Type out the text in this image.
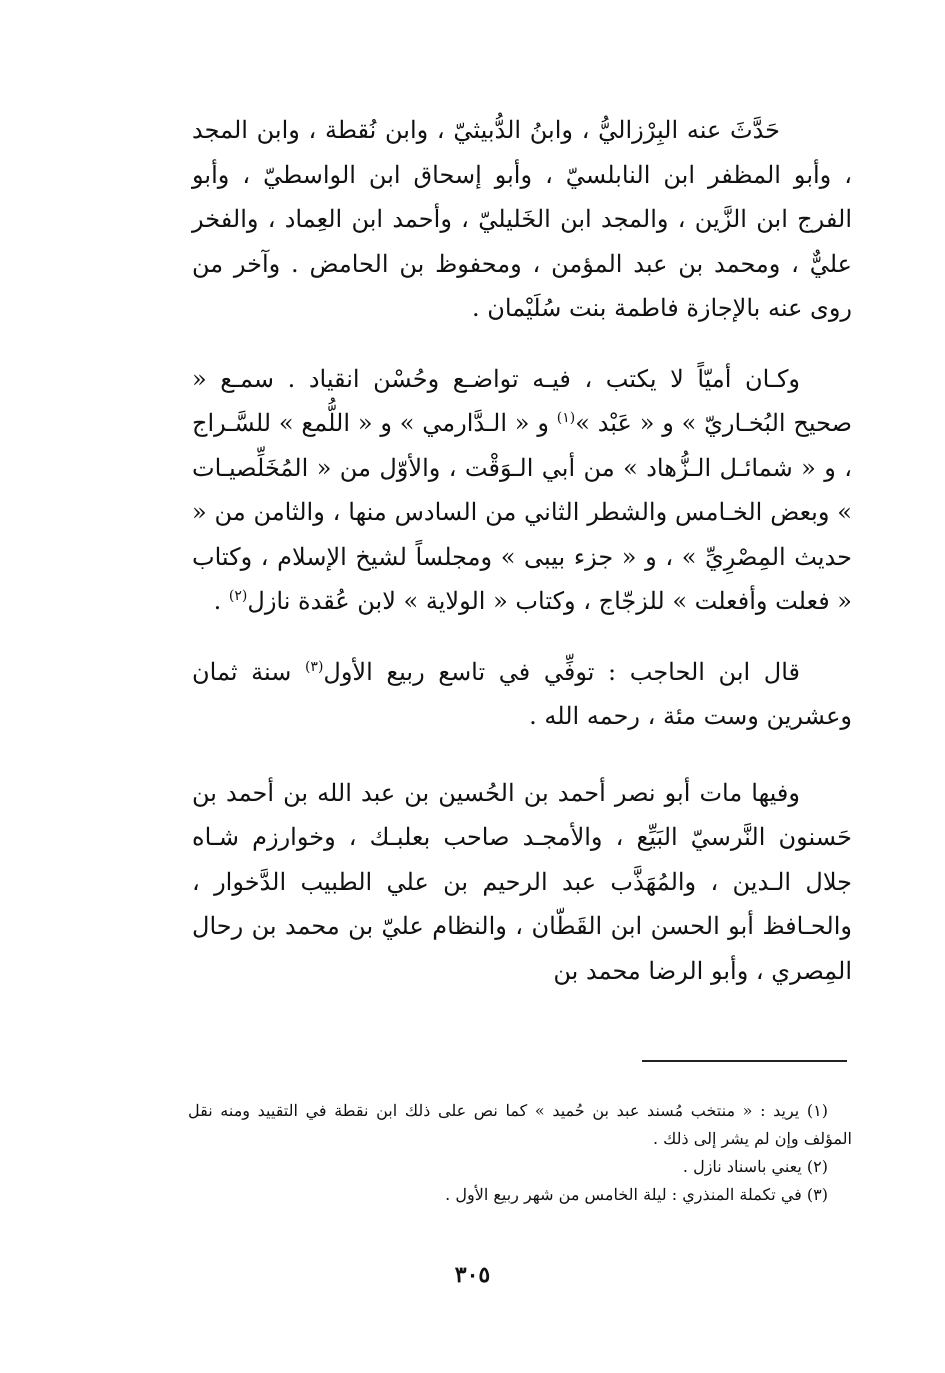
حَدَّثَ عنه البِرْزاليُّ ، وابنُ الدُّبيثيّ ، وابن نُقطة ، وابن المجد ، وأبو المظفر ابن النابلسيّ ، وأبو إسحاق ابن الواسطيّ ، وأبو الفرج ابن الزَّين ، والمجد ابن الخَليليّ ، وأحمد ابن العِماد ، والفخر عليٌّ ، ومحمد بن عبد المؤمن ، ومحفوظ بن الحامض . وآخر من روى عنه بالإجازة فاطمة بنت سُلَيْمان .

وكـان أميّاً لا يكتب ، فيـه تواضـع وحُسْن انقياد . سمـع « صحيح البُخـاريّ » و « عَبْد »$^{(١)}$ و « الـدَّارمي » و « اللُّمع » للسَّـراج ، و « شمائـل الـزُّهاد » من أبي الـوَقْت ، والأوّل من « المُخَلِّصيـات » وبعض الخـامس والشطر الثاني من السادس منها ، والثامن من « حديث المِصْرِيِّ » ، و « جزء بيبى » ومجلساً لشيخ الإسلام ، وكتاب « فعلت وأفعلت » للزجّاج ، وكتاب « الولاية » لابن عُقدة نازل$^{(٢)}$ .

قال ابن الحاجب : توفِّي في تاسع ربيع الأول$^{(٣)}$ سنة ثمان وعشرين وست مئة ، رحمه الله .

وفيها مات أبو نصر أحمد بن الحُسين بن عبد الله بن أحمد بن حَسنون النَّرسيّ البَيِّع ، والأمجـد صاحب بعلبـك ، وخوارزم شـاه جلال الـدين ، والمُهَذَّب عبد الرحيم بن علي الطبيب الدَّخوار ، والحـافظ أبو الحسن ابن القَطّان ، والنظام عليّ بن محمد بن رحال المِصري ، وأبو الرضا محمد بن

(١) يريد : « منتخب مُسند عبد بن حُميد » كما نص على ذلك ابن نقطة في التقييد ومنه نقل المؤلف وإن لم يشر إلى ذلك .

(٢) يعني باسناد نازل .

(٣) في تكملة المنذري : ليلة الخامس من شهر ربيع الأول .

٣٠٥
